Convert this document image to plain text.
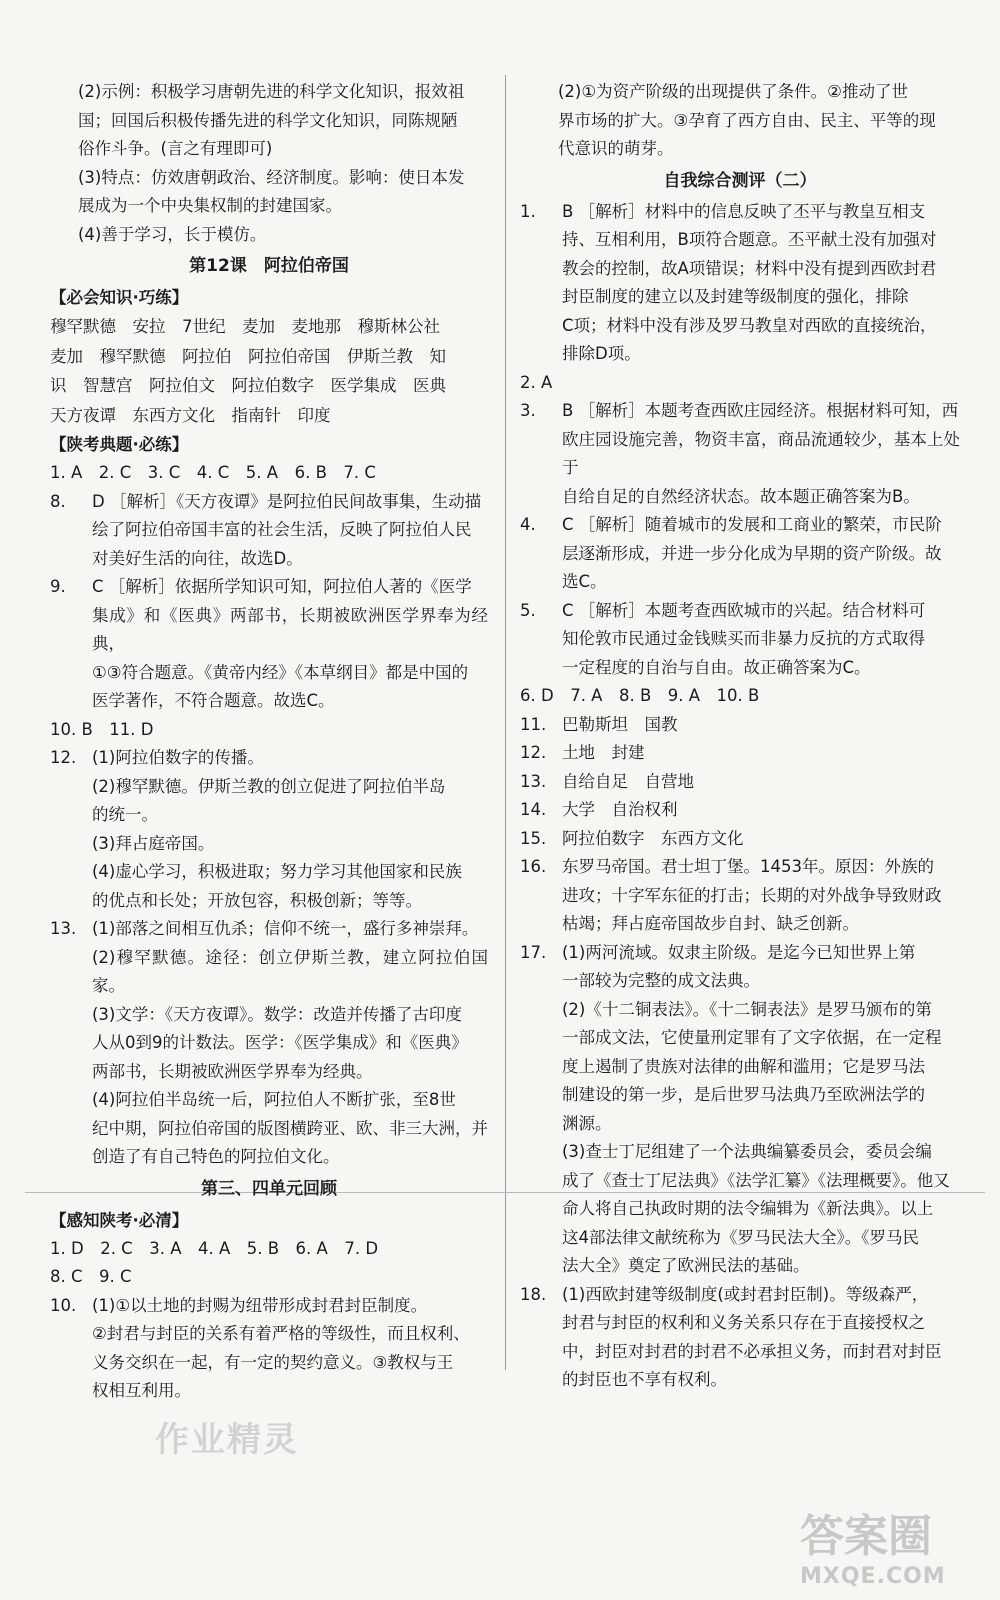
(2)示例：积极学习唐朝先进的科学文化知识，报效祖

国；回国后积极传播先进的科学文化知识，同陈规陋

俗作斗争。(言之有理即可)

(3)特点：仿效唐朝政治、经济制度。影响：使日本发

展成为一个中央集权制的封建国家。

(4)善于学习，长于模仿。

第12课　阿拉伯帝国
【必会知识·巧练】
穆罕默德　安拉　7世纪　麦加　麦地那　穆斯林公社
麦加　穆罕默德　阿拉伯　阿拉伯帝国　伊斯兰教　知
识　智慧宫　阿拉伯文　阿拉伯数字　医学集成　医典
天方夜谭　东西方文化　指南针　印度
【陕考典题·必练】

1. A　2. C　3. C　4. C　5. A　6. B　7. C

8. D ［解析］《天方夜谭》是阿拉伯民间故事集，生动描
绘了阿拉伯帝国丰富的社会生活，反映了阿拉伯人民
对美好生活的向往，故选D。
9. C ［解析］依据所学知识可知，阿拉伯人著的《医学
集成》和《医典》两部书，长期被欧洲医学界奉为经典，
①③符合题意。《黄帝内经》《本草纲目》都是中国的
医学著作，不符合题意。故选C。

10. B　11. D

12. (1)阿拉伯数字的传播。
(2)穆罕默德。伊斯兰教的创立促进了阿拉伯半岛
的统一。
(3)拜占庭帝国。
(4)虚心学习，积极进取；努力学习其他国家和民族
的优点和长处；开放包容，积极创新；等等。
13. (1)部落之间相互仇杀；信仰不统一，盛行多神崇拜。
(2)穆罕默德。途径：创立伊斯兰教，建立阿拉伯国家。
(3)文学：《天方夜谭》。数学：改造并传播了古印度
人从0到9的计数法。医学：《医学集成》和《医典》
两部书，长期被欧洲医学界奉为经典。
(4)阿拉伯半岛统一后，阿拉伯人不断扩张，至8世
纪中期，阿拉伯帝国的版图横跨亚、欧、非三大洲，并
创造了有自己特色的阿拉伯文化。
第三、四单元回顾
【感知陕考·必清】

1. D　2. C　3. A　4. A　5. B　6. A　7. D

8. C　9. C

10. (1)①以土地的封赐为纽带形成封君封臣制度。
②封君与封臣的关系有着严格的等级性，而且权利、
义务交织在一起，有一定的契约意义。③教权与王
权相互利用。

(2)①为资产阶级的出现提供了条件。②推动了世

界市场的扩大。③孕育了西方自由、民主、平等的现

代意识的萌芽。

自我综合测评（二）
1. B ［解析］材料中的信息反映了丕平与教皇互相支
持、互相利用，B项符合题意。丕平献土没有加强对
教会的控制，故A项错误；材料中没有提到西欧封君
封臣制度的建立以及封建等级制度的强化，排除
C项；材料中没有涉及罗马教皇对西欧的直接统治，
排除D项。

2. A

3. B ［解析］本题考查西欧庄园经济。根据材料可知，西
欧庄园设施完善，物资丰富，商品流通较少，基本上处于
自给自足的自然经济状态。故本题正确答案为B。
4. C ［解析］随着城市的发展和工商业的繁荣，市民阶
层逐渐形成，并进一步分化成为早期的资产阶级。故
选C。
5. C ［解析］本题考查西欧城市的兴起。结合材料可
知伦敦市民通过金钱赎买而非暴力反抗的方式取得
一定程度的自治与自由。故正确答案为C。

6. D　7. A　8. B　9. A　10. B

11. 巴勒斯坦　国教
12. 土地　封建
13. 自给自足　自营地
14. 大学　自治权利
15. 阿拉伯数字　东西方文化
16. 东罗马帝国。君士坦丁堡。1453年。原因：外族的
进攻；十字军东征的打击；长期的对外战争导致财政
枯竭；拜占庭帝国故步自封、缺乏创新。
17. (1)两河流域。奴隶主阶级。是迄今已知世界上第
一部较为完整的成文法典。
(2)《十二铜表法》。《十二铜表法》是罗马颁布的第
一部成文法，它使量刑定罪有了文字依据，在一定程
度上遏制了贵族对法律的曲解和滥用；它是罗马法
制建设的第一步，是后世罗马法典乃至欧洲法学的
渊源。
(3)查士丁尼组建了一个法典编纂委员会，委员会编
成了《查士丁尼法典》《法学汇纂》《法理概要》。他又
命人将自己执政时期的法令编辑为《新法典》。以上
这4部法律文献统称为《罗马民法大全》。《罗马民
法大全》奠定了欧洲民法的基础。
18. (1)西欧封建等级制度(或封君封臣制)。等级森严，
封君与封臣的权利和义务关系只存在于直接授权之
中，封臣对封君的封君不必承担义务，而封君对封臣
的封臣也不享有权利。
作业精灵
答案圈
MXQE.COM
